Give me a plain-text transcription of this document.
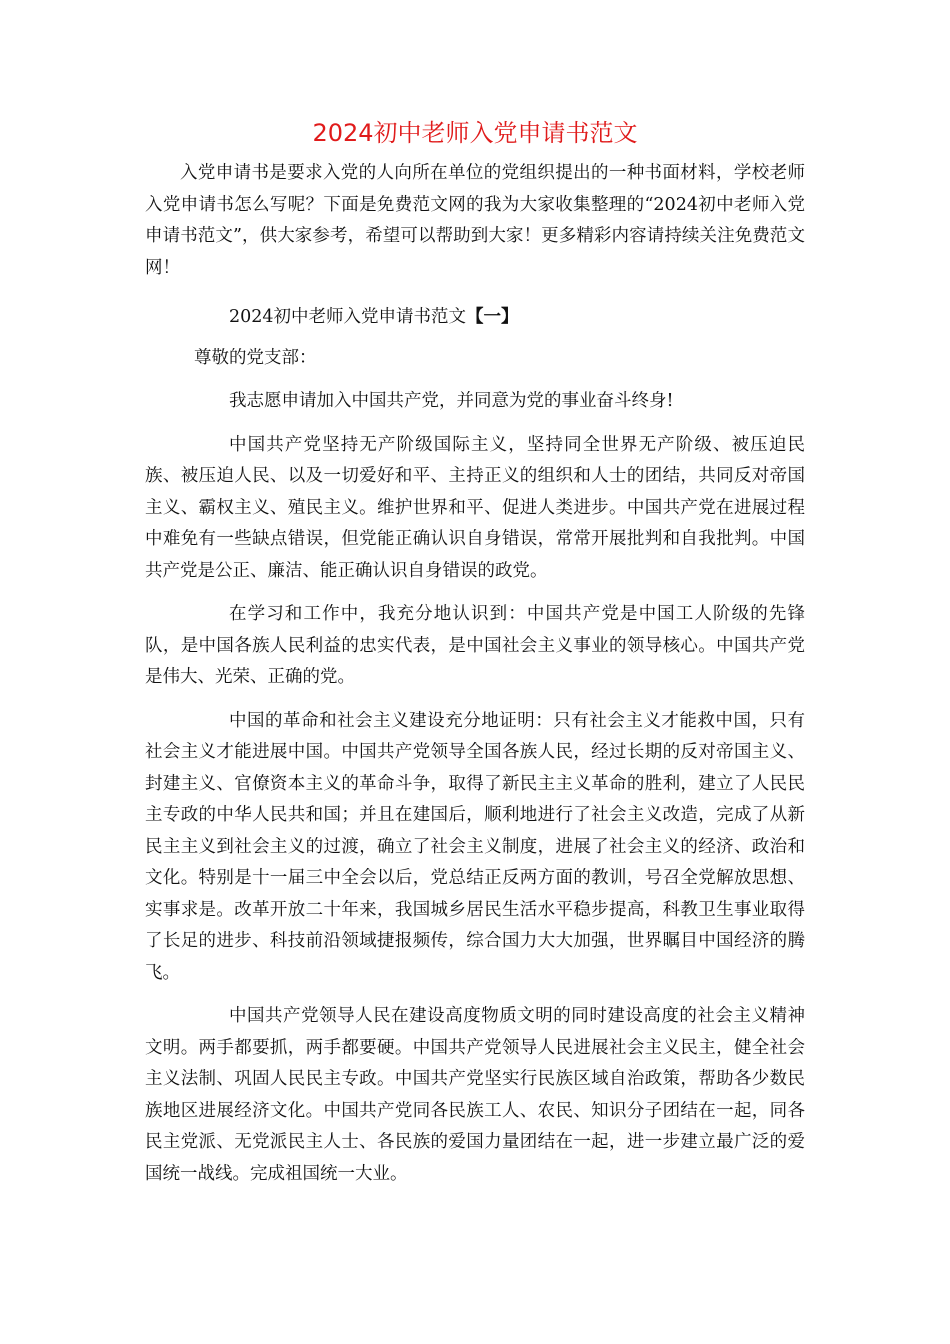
2024初中老师入党申请书范文

入党申请书是要求入党的人向所在单位的党组织提出的一种书面材料，学校老师入党申请书怎么写呢？下面是免费范文网的我为大家收集整理的“2024初中老师入党申请书范文”，供大家参考，希望可以帮助到大家！更多精彩内容请持续关注免费范文网！

2024初中老师入党申请书范文【一】

尊敬的党支部：

我志愿申请加入中国共产党，并同意为党的事业奋斗终身!

中国共产党坚持无产阶级国际主义，坚持同全世界无产阶级、被压迫民族、被压迫人民、以及一切爱好和平、主持正义的组织和人士的团结，共同反对帝国主义、霸权主义、殖民主义。维护世界和平、促进人类进步。中国共产党在进展过程中难免有一些缺点错误，但党能正确认识自身错误，常常开展批判和自我批判。中国共产党是公正、廉洁、能正确认识自身错误的政党。

在学习和工作中，我充分地认识到：中国共产党是中国工人阶级的先锋队，是中国各族人民利益的忠实代表，是中国社会主义事业的领导核心。中国共产党是伟大、光荣、正确的党。

中国的革命和社会主义建设充分地证明：只有社会主义才能救中国，只有社会主义才能进展中国。中国共产党领导全国各族人民，经过长期的反对帝国主义、封建主义、官僚资本主义的革命斗争，取得了新民主主义革命的胜利，建立了人民民主专政的中华人民共和国；并且在建国后，顺利地进行了社会主义改造，完成了从新民主主义到社会主义的过渡，确立了社会主义制度，进展了社会主义的经济、政治和文化。特别是十一届三中全会以后，党总结正反两方面的教训，号召全党解放思想、实事求是。改革开放二十年来，我国城乡居民生活水平稳步提高，科教卫生事业取得了长足的进步、科技前沿领域捷报频传，综合国力大大加强，世界瞩目中国经济的腾飞。

中国共产党领导人民在建设高度物质文明的同时建设高度的社会主义精神文明。两手都要抓，两手都要硬。中国共产党领导人民进展社会主义民主，健全社会主义法制、巩固人民民主专政。中国共产党坚实行民族区域自治政策，帮助各少数民族地区进展经济文化。中国共产党同各民族工人、农民、知识分子团结在一起，同各民主党派、无党派民主人士、各民族的爱国力量团结在一起，进一步建立最广泛的爱国统一战线。完成祖国统一大业。
